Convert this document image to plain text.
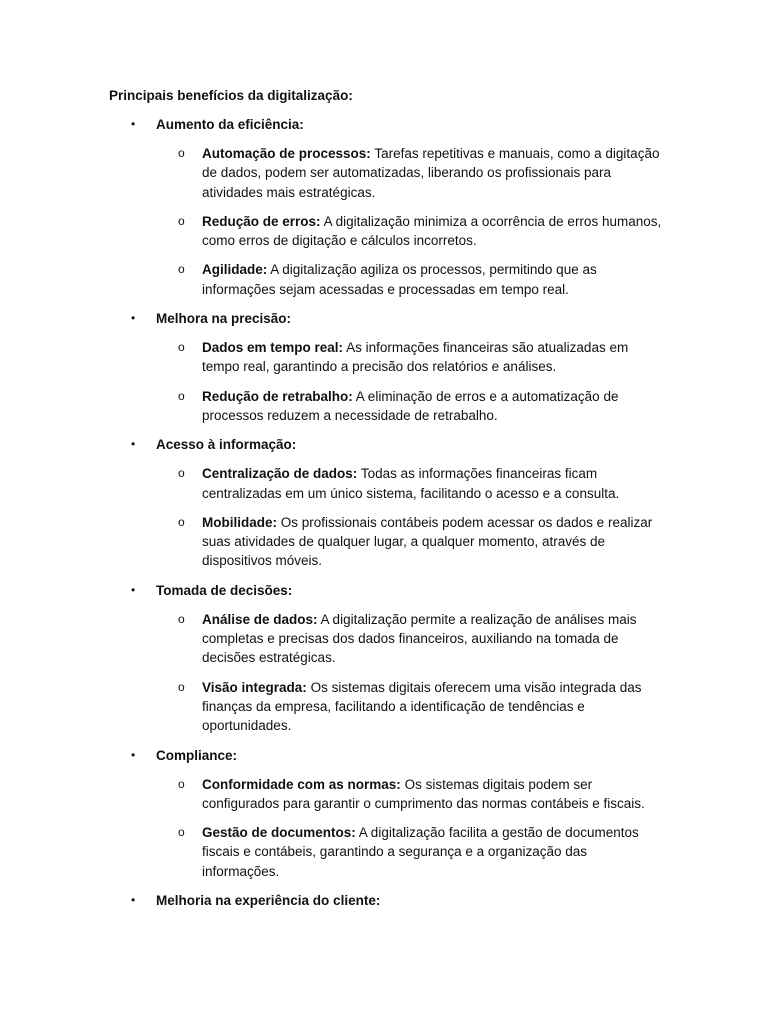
Principais benefícios da digitalização:
• Aumento da eficiência:
o Automação de processos: Tarefas repetitivas e manuais, como a digitação de dados, podem ser automatizadas, liberando os profissionais para atividades mais estratégicas.
o Redução de erros: A digitalização minimiza a ocorrência de erros humanos, como erros de digitação e cálculos incorretos.
o Agilidade: A digitalização agiliza os processos, permitindo que as informações sejam acessadas e processadas em tempo real.
• Melhora na precisão:
o Dados em tempo real: As informações financeiras são atualizadas em tempo real, garantindo a precisão dos relatórios e análises.
o Redução de retrabalho: A eliminação de erros e a automatização de processos reduzem a necessidade de retrabalho.
• Acesso à informação:
o Centralização de dados: Todas as informações financeiras ficam centralizadas em um único sistema, facilitando o acesso e a consulta.
o Mobilidade: Os profissionais contábeis podem acessar os dados e realizar suas atividades de qualquer lugar, a qualquer momento, através de dispositivos móveis.
• Tomada de decisões:
o Análise de dados: A digitalização permite a realização de análises mais completas e precisas dos dados financeiros, auxiliando na tomada de decisões estratégicas.
o Visão integrada: Os sistemas digitais oferecem uma visão integrada das finanças da empresa, facilitando a identificação de tendências e oportunidades.
• Compliance:
o Conformidade com as normas: Os sistemas digitais podem ser configurados para garantir o cumprimento das normas contábeis e fiscais.
o Gestão de documentos: A digitalização facilita a gestão de documentos fiscais e contábeis, garantindo a segurança e a organização das informações.
• Melhoria na experiência do cliente:
